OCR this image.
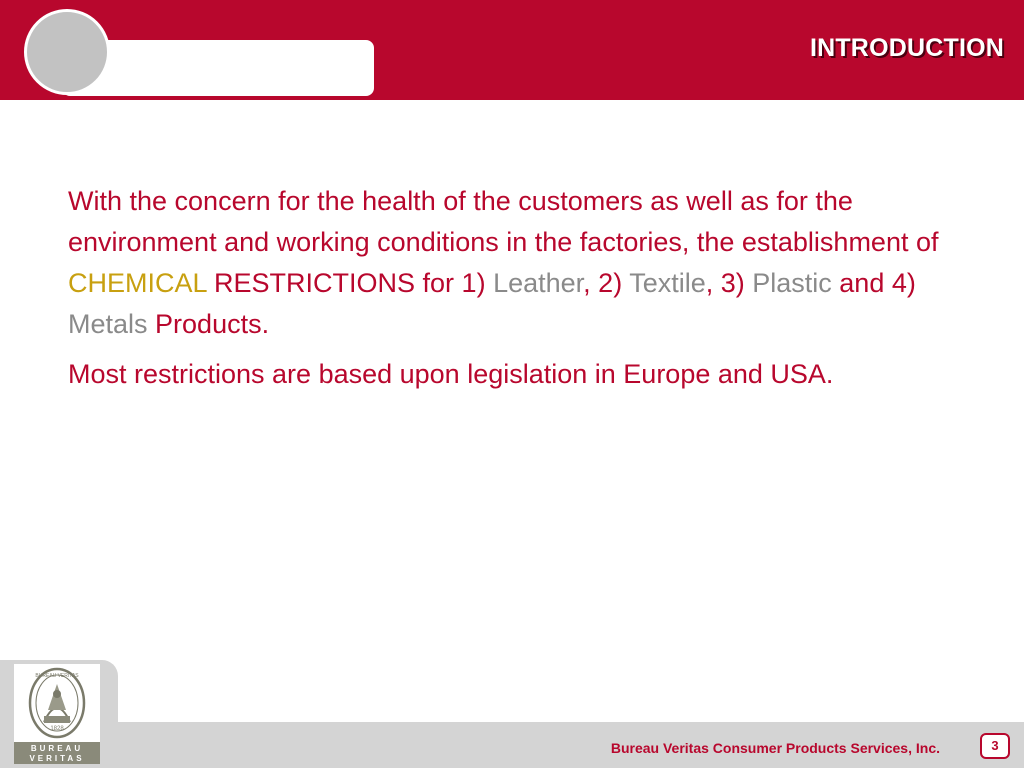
INTRODUCTION

With the concern for the health of the customers as well as for the environment and working conditions in the factories, the establishment of CHEMICAL RESTRICTIONS for 1) Leather, 2) Textile, 3) Plastic and 4) Metals Products.

Most restrictions are based upon legislation in Europe and USA.

1828
BUREAU VERITAS
BUREAU
VERITAS
Bureau Veritas Consumer Products Services, Inc.	3
